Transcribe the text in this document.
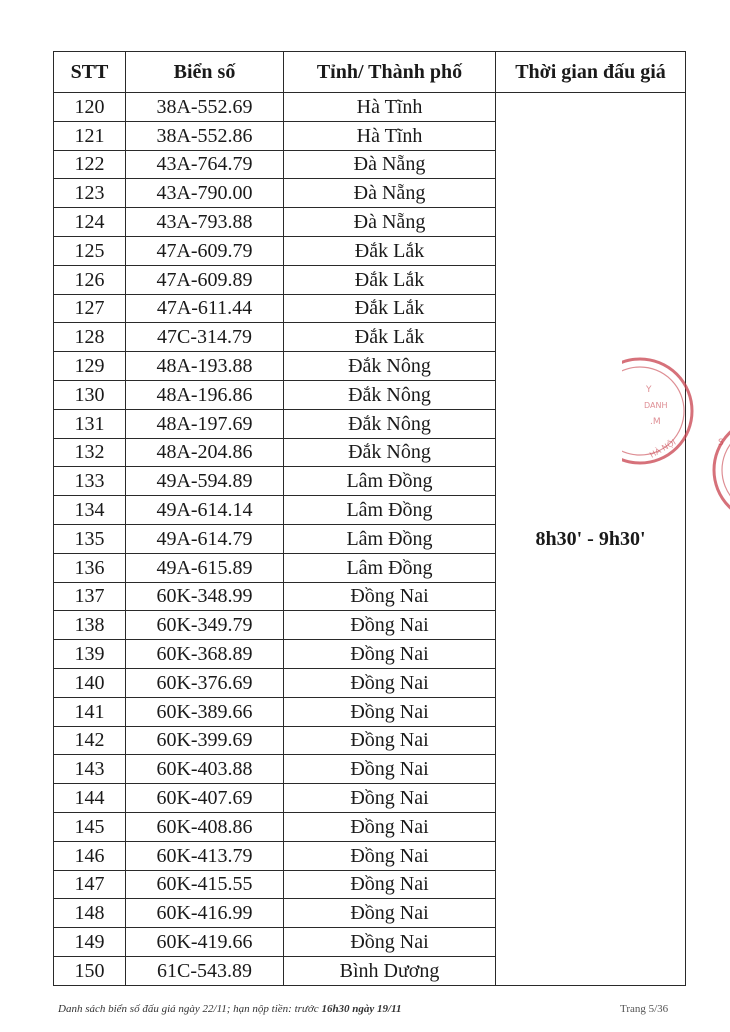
STT	Biển số	Tỉnh/ Thành phố	Thời gian đấu giá
120	38A-552.69	Hà Tĩnh	8h30' - 9h30'
121	38A-552.86	Hà Tĩnh	
122	43A-764.79	Đà Nẵng	
123	43A-790.00	Đà Nẵng	
124	43A-793.88	Đà Nẵng	
125	47A-609.79	Đắk Lắk	
126	47A-609.89	Đắk Lắk	
127	47A-611.44	Đắk Lắk	
128	47C-314.79	Đắk Lắk	
129	48A-193.88	Đắk Nông	
130	48A-196.86	Đắk Nông	
131	48A-197.69	Đắk Nông	
132	48A-204.86	Đắk Nông	
133	49A-594.89	Lâm Đồng	
134	49A-614.14	Lâm Đồng	
135	49A-614.79	Lâm Đồng	
136	49A-615.89	Lâm Đồng	
137	60K-348.99	Đồng Nai	
138	60K-349.79	Đồng Nai	
139	60K-368.89	Đồng Nai	
140	60K-376.69	Đồng Nai	
141	60K-389.66	Đồng Nai	
142	60K-399.69	Đồng Nai	
143	60K-403.88	Đồng Nai	
144	60K-407.69	Đồng Nai	
145	60K-408.86	Đồng Nai	
146	60K-413.79	Đồng Nai	
147	60K-415.55	Đồng Nai	
148	60K-416.99	Đồng Nai	
149	60K-419.66	Đồng Nai	
150	61C-543.89	Bình Dương	
Y
DANH
.M
HÀ NỘI	S
Danh sách biển số đấu giá ngày 22/11; hạn nộp tiền: trước 16h30 ngày 19/11	Trang 5/36
